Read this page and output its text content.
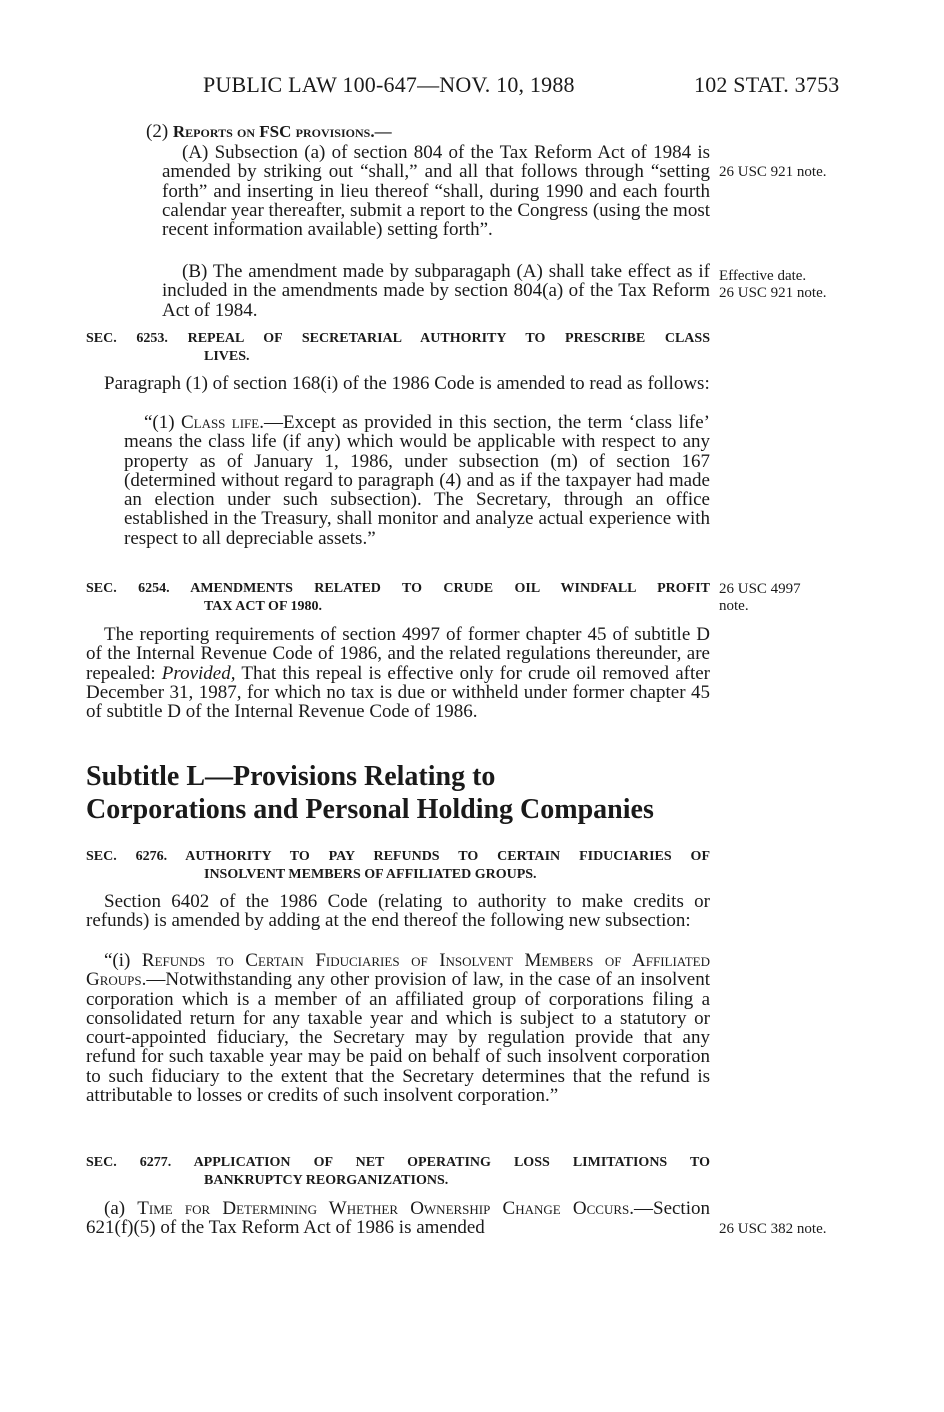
PUBLIC LAW 100-647—NOV. 10, 1988	102 STAT. 3753
(2) Reports on FSC provisions.—
(A) Subsection (a) of section 804 of the Tax Reform Act of 1984 is amended by striking out “shall,” and all that follows through “setting forth” and inserting in lieu thereof “shall, during 1990 and each fourth calendar year thereafter, submit a report to the Congress (using the most recent information available) setting forth”.
(B) The amendment made by subparagaph (A) shall take effect as if included in the amendments made by section 804(a) of the Tax Reform Act of 1984.
SEC. 6253. REPEAL OF SECRETARIAL AUTHORITY TO PRESCRIBE CLASS
LIVES.
Paragraph (1) of section 168(i) of the 1986 Code is amended to read as follows:
“(1) Class life.—Except as provided in this section, the term ‘class life’ means the class life (if any) which would be applicable with respect to any property as of January 1, 1986, under subsection (m) of section 167 (determined without regard to paragraph (4) and as if the taxpayer had made an election under such subsection). The Secretary, through an office established in the Treasury, shall monitor and analyze actual experience with respect to all depreciable assets.”
SEC. 6254. AMENDMENTS RELATED TO CRUDE OIL WINDFALL PROFIT
TAX ACT OF 1980.
The reporting requirements of section 4997 of former chapter 45 of subtitle D of the Internal Revenue Code of 1986, and the related regulations thereunder, are repealed: Provided, That this repeal is effective only for crude oil removed after December 31, 1987, for which no tax is due or withheld under former chapter 45 of subtitle D of the Internal Revenue Code of 1986.
Subtitle L—Provisions Relating to
Corporations and Personal Holding Companies
SEC. 6276. AUTHORITY TO PAY REFUNDS TO CERTAIN FIDUCIARIES OF
INSOLVENT MEMBERS OF AFFILIATED GROUPS.
Section 6402 of the 1986 Code (relating to authority to make credits or refunds) is amended by adding at the end thereof the following new subsection:
“(i) Refunds to Certain Fiduciaries of Insolvent Members of Affiliated Groups.—Notwithstanding any other provision of law, in the case of an insolvent corporation which is a member of an affiliated group of corporations filing a consolidated return for any taxable year and which is subject to a statutory or court-appointed fiduciary, the Secretary may by regulation provide that any refund for such taxable year may be paid on behalf of such insolvent corporation to such fiduciary to the extent that the Secretary determines that the refund is attributable to losses or credits of such insolvent corporation.”
SEC. 6277. APPLICATION OF NET OPERATING LOSS LIMITATIONS TO
BANKRUPTCY REORGANIZATIONS.
(a) Time for Determining Whether Ownership Change Occurs.—Section 621(f)(5) of the Tax Reform Act of 1986 is amended
26 USC 921 note.
Effective date.
26 USC 921 note.
26 USC 4997
note.
26 USC 382 note.
